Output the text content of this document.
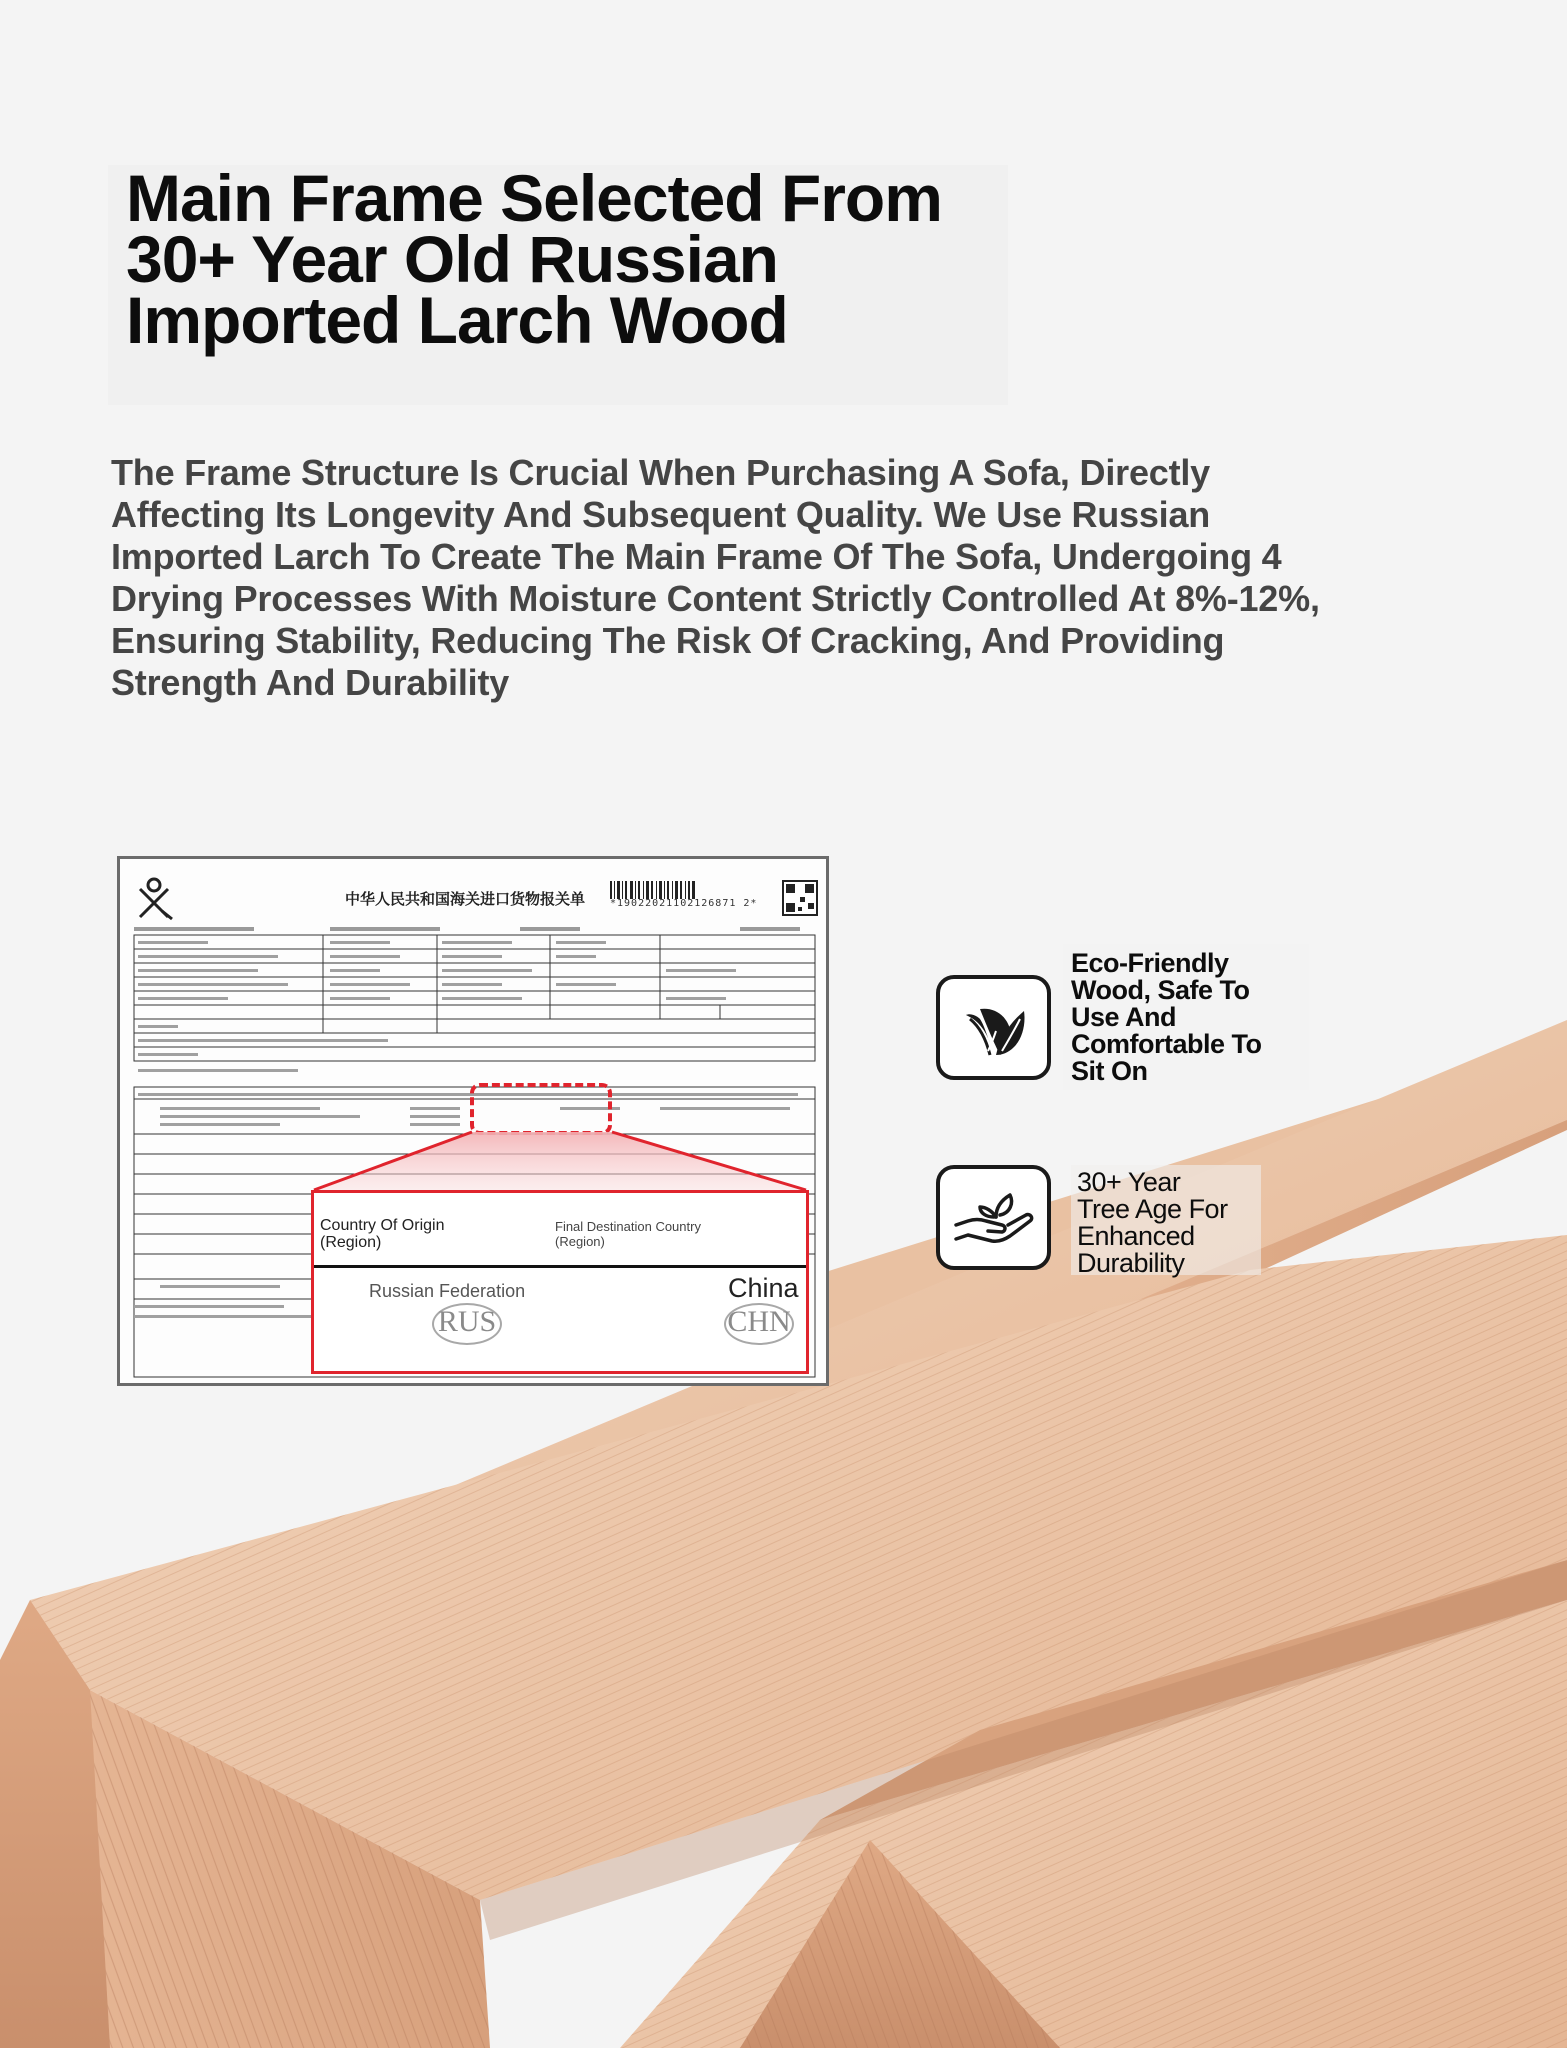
Main Frame Selected From
30+ Year Old Russian
Imported Larch Wood

The Frame Structure Is Crucial When Purchasing A Sofa, Directly
Affecting Its Longevity And Subsequent Quality. We Use Russian
Imported Larch To Create The Main Frame Of The Sofa, Undergoing 4
Drying Processes With Moisture Content Strictly Controlled At 8%-12%,
Ensuring Stability, Reducing The Risk Of Cracking, And Providing
Strength And Durability

中华人民共和国海关进口货物报关单 *19022021102126871 2*
Country Of Origin
(Region)
Final Destination Country
(Region)
RUS	CHN
Russian Federation	China
Eco-Friendly
Wood, Safe To
Use And
Comfortable To
Sit On
30+ Year
Tree Age For
Enhanced
Durability
